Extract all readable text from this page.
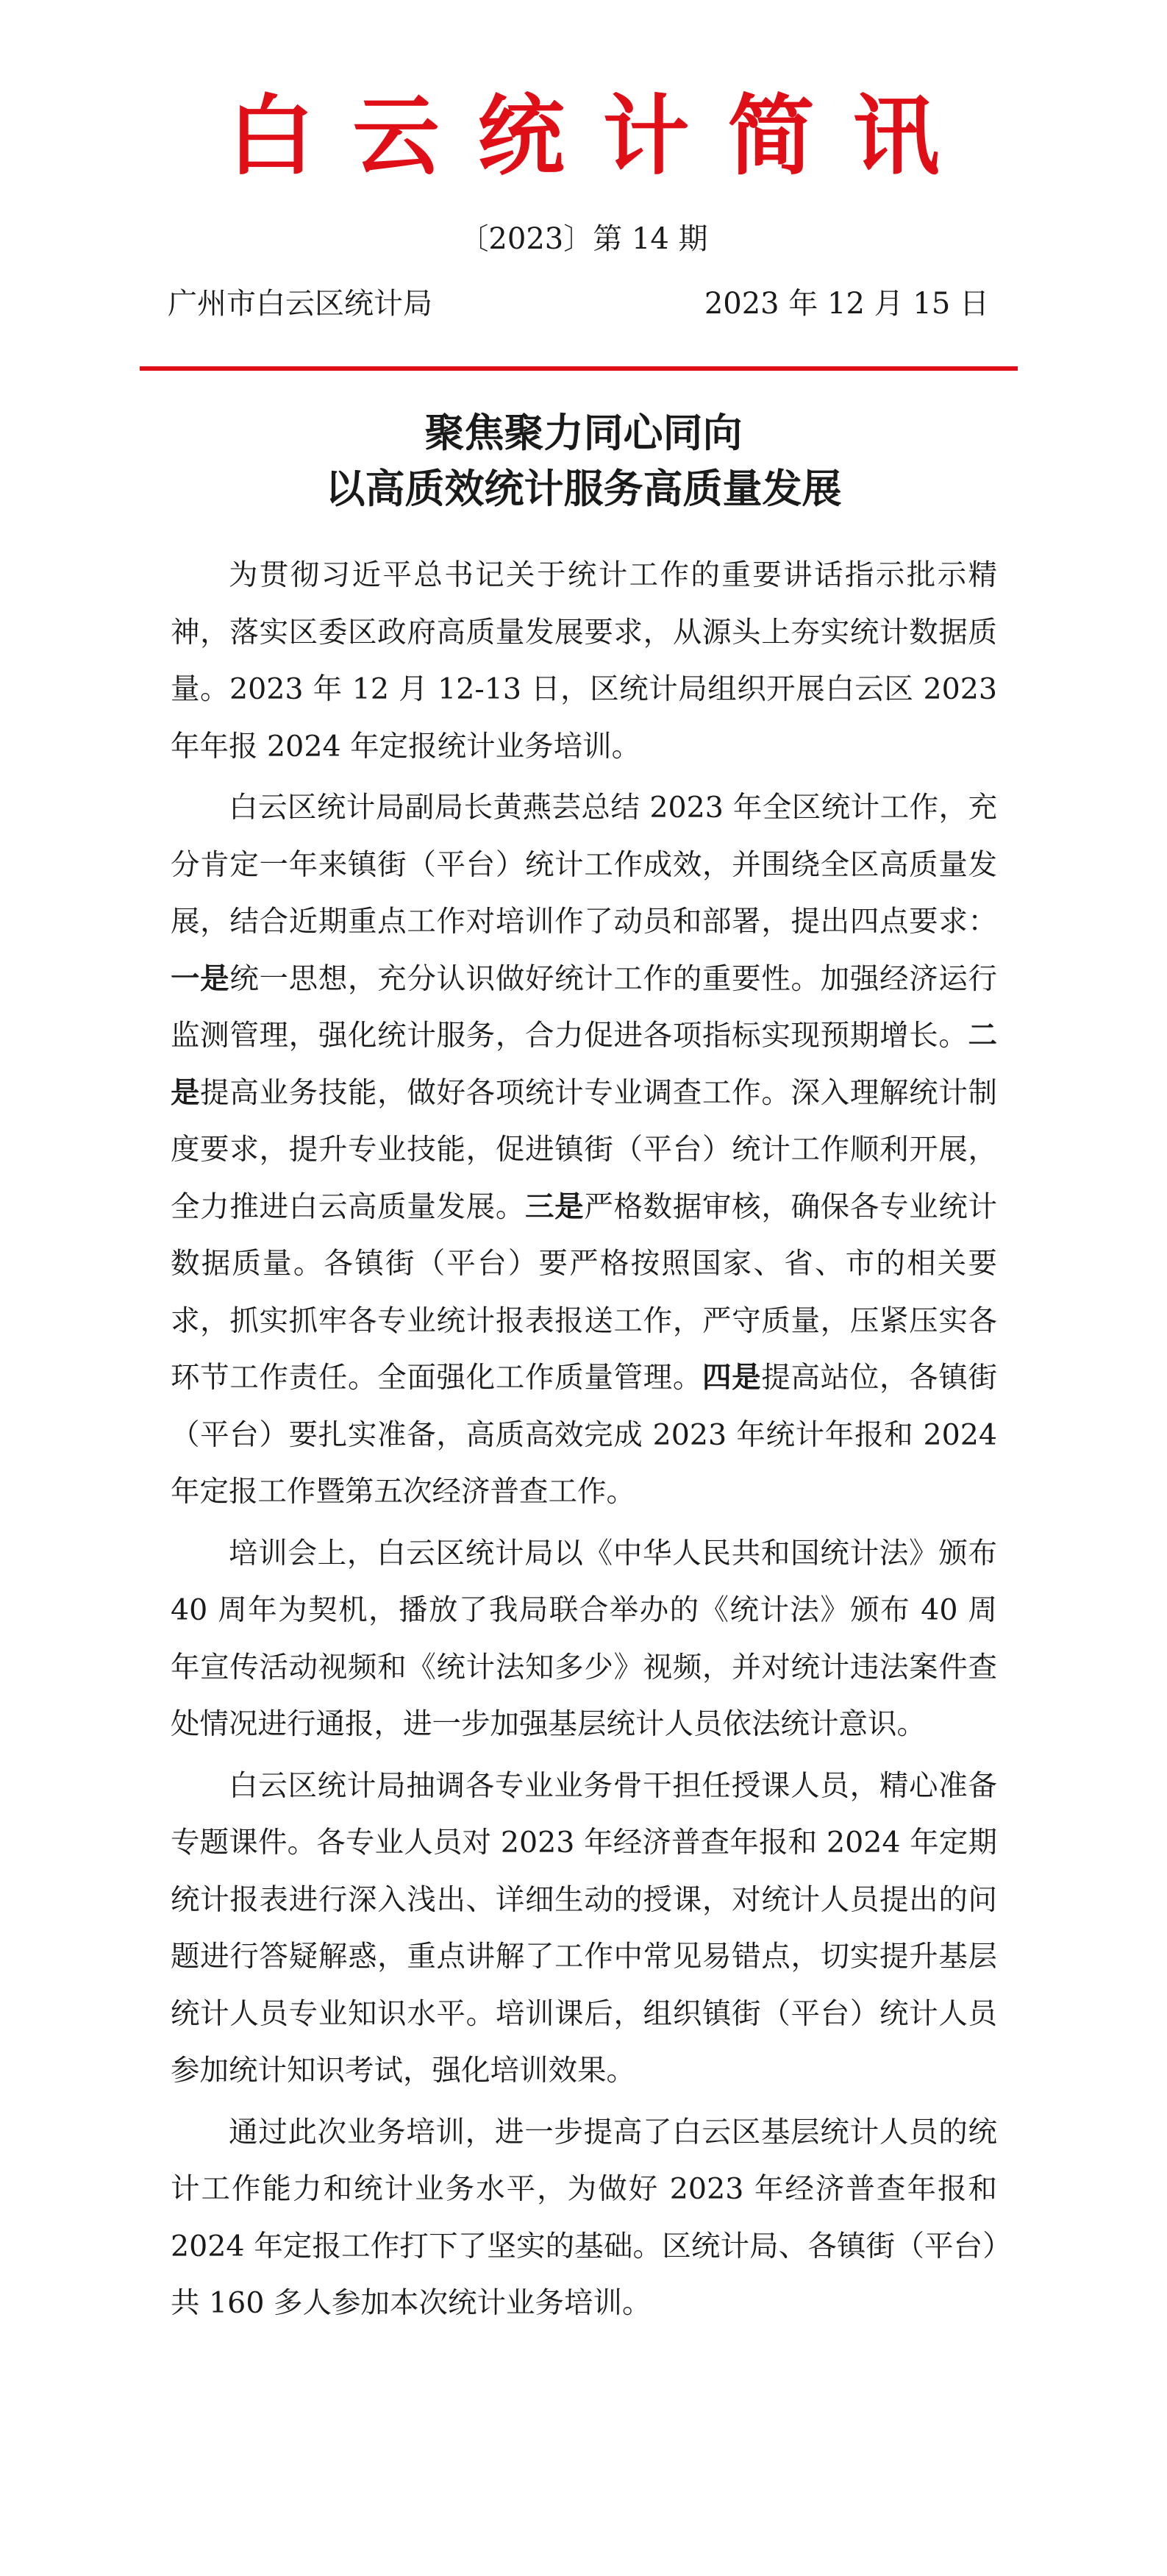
白云统计简讯
〔2023〕第 14 期
广州市白云区统计局	2023 年 12 月 15 日
聚焦聚力同心同向
以高质效统计服务高质量发展

为贯彻习近平总书记关于统计工作的重要讲话指示批示精神，落实区委区政府高质量发展要求，从源头上夯实统计数据质量。2023 年 12 月 12-13 日，区统计局组织开展白云区 2023 年年报 2024 年定报统计业务培训。

白云区统计局副局长黄燕芸总结 2023 年全区统计工作，充分肯定一年来镇街（平台）统计工作成效，并围绕全区高质量发展，结合近期重点工作对培训作了动员和部署，提出四点要求：一是统一思想，充分认识做好统计工作的重要性。加强经济运行监测管理，强化统计服务，合力促进各项指标实现预期增长。二是提高业务技能，做好各项统计专业调查工作。深入理解统计制度要求，提升专业技能，促进镇街（平台）统计工作顺利开展，全力推进白云高质量发展。三是严格数据审核，确保各专业统计数据质量。各镇街（平台）要严格按照国家、省、市的相关要求，抓实抓牢各专业统计报表报送工作，严守质量，压紧压实各环节工作责任。全面强化工作质量管理。四是提高站位，各镇街（平台）要扎实准备，高质高效完成 2023 年统计年报和 2024 年定报工作暨第五次经济普查工作。

培训会上，白云区统计局以《中华人民共和国统计法》颁布 40 周年为契机，播放了我局联合举办的《统计法》颁布 40 周年宣传活动视频和《统计法知多少》视频，并对统计违法案件查处情况进行通报，进一步加强基层统计人员依法统计意识。

白云区统计局抽调各专业业务骨干担任授课人员，精心准备专题课件。各专业人员对 2023 年经济普查年报和 2024 年定期统计报表进行深入浅出、详细生动的授课，对统计人员提出的问题进行答疑解惑，重点讲解了工作中常见易错点，切实提升基层统计人员专业知识水平。培训课后，组织镇街（平台）统计人员参加统计知识考试，强化培训效果。

通过此次业务培训，进一步提高了白云区基层统计人员的统计工作能力和统计业务水平，为做好 2023 年经济普查年报和 2024 年定报工作打下了坚实的基础。区统计局、各镇街（平台）共 160 多人参加本次统计业务培训。
